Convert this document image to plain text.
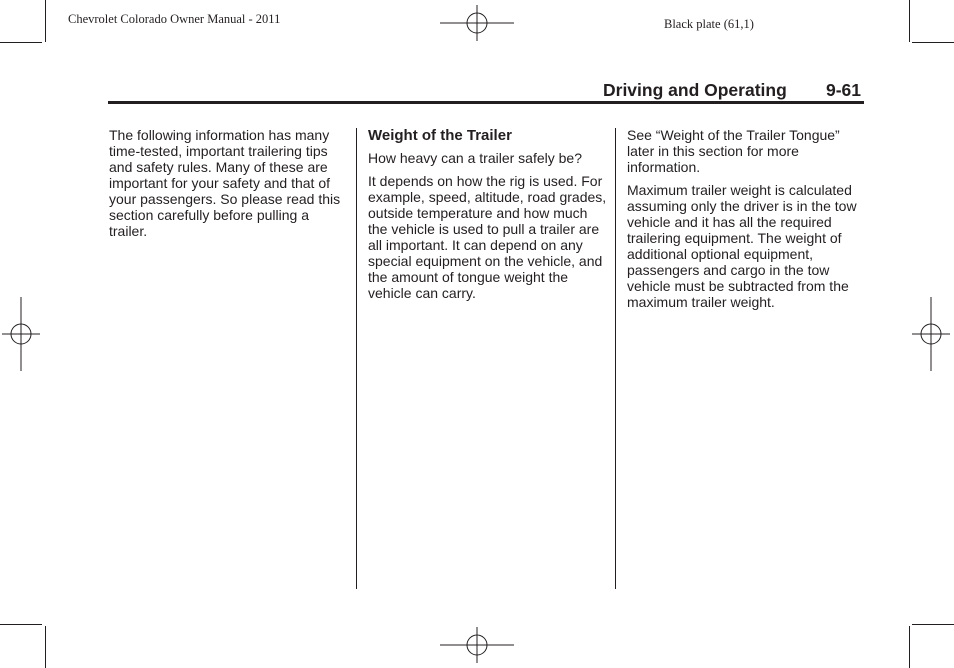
Chevrolet Colorado Owner Manual - 2011	Black plate (61,1)
Driving and Operating 9-61

The following information has many time-tested, important trailering tips and safety rules. Many of these are important for your safety and that of your passengers. So please read this section carefully before pulling a trailer.

Weight of the Trailer

How heavy can a trailer safely be?

It depends on how the rig is used. For example, speed, altitude, road grades, outside temperature and how much the vehicle is used to pull a trailer are all important. It can depend on any special equipment on the vehicle, and the amount of tongue weight the vehicle can carry.

See “Weight of the Trailer Tongue” later in this section for more information.

Maximum trailer weight is calculated assuming only the driver is in the tow vehicle and it has all the required trailering equipment. The weight of additional optional equipment, passengers and cargo in the tow vehicle must be subtracted from the maximum trailer weight.
